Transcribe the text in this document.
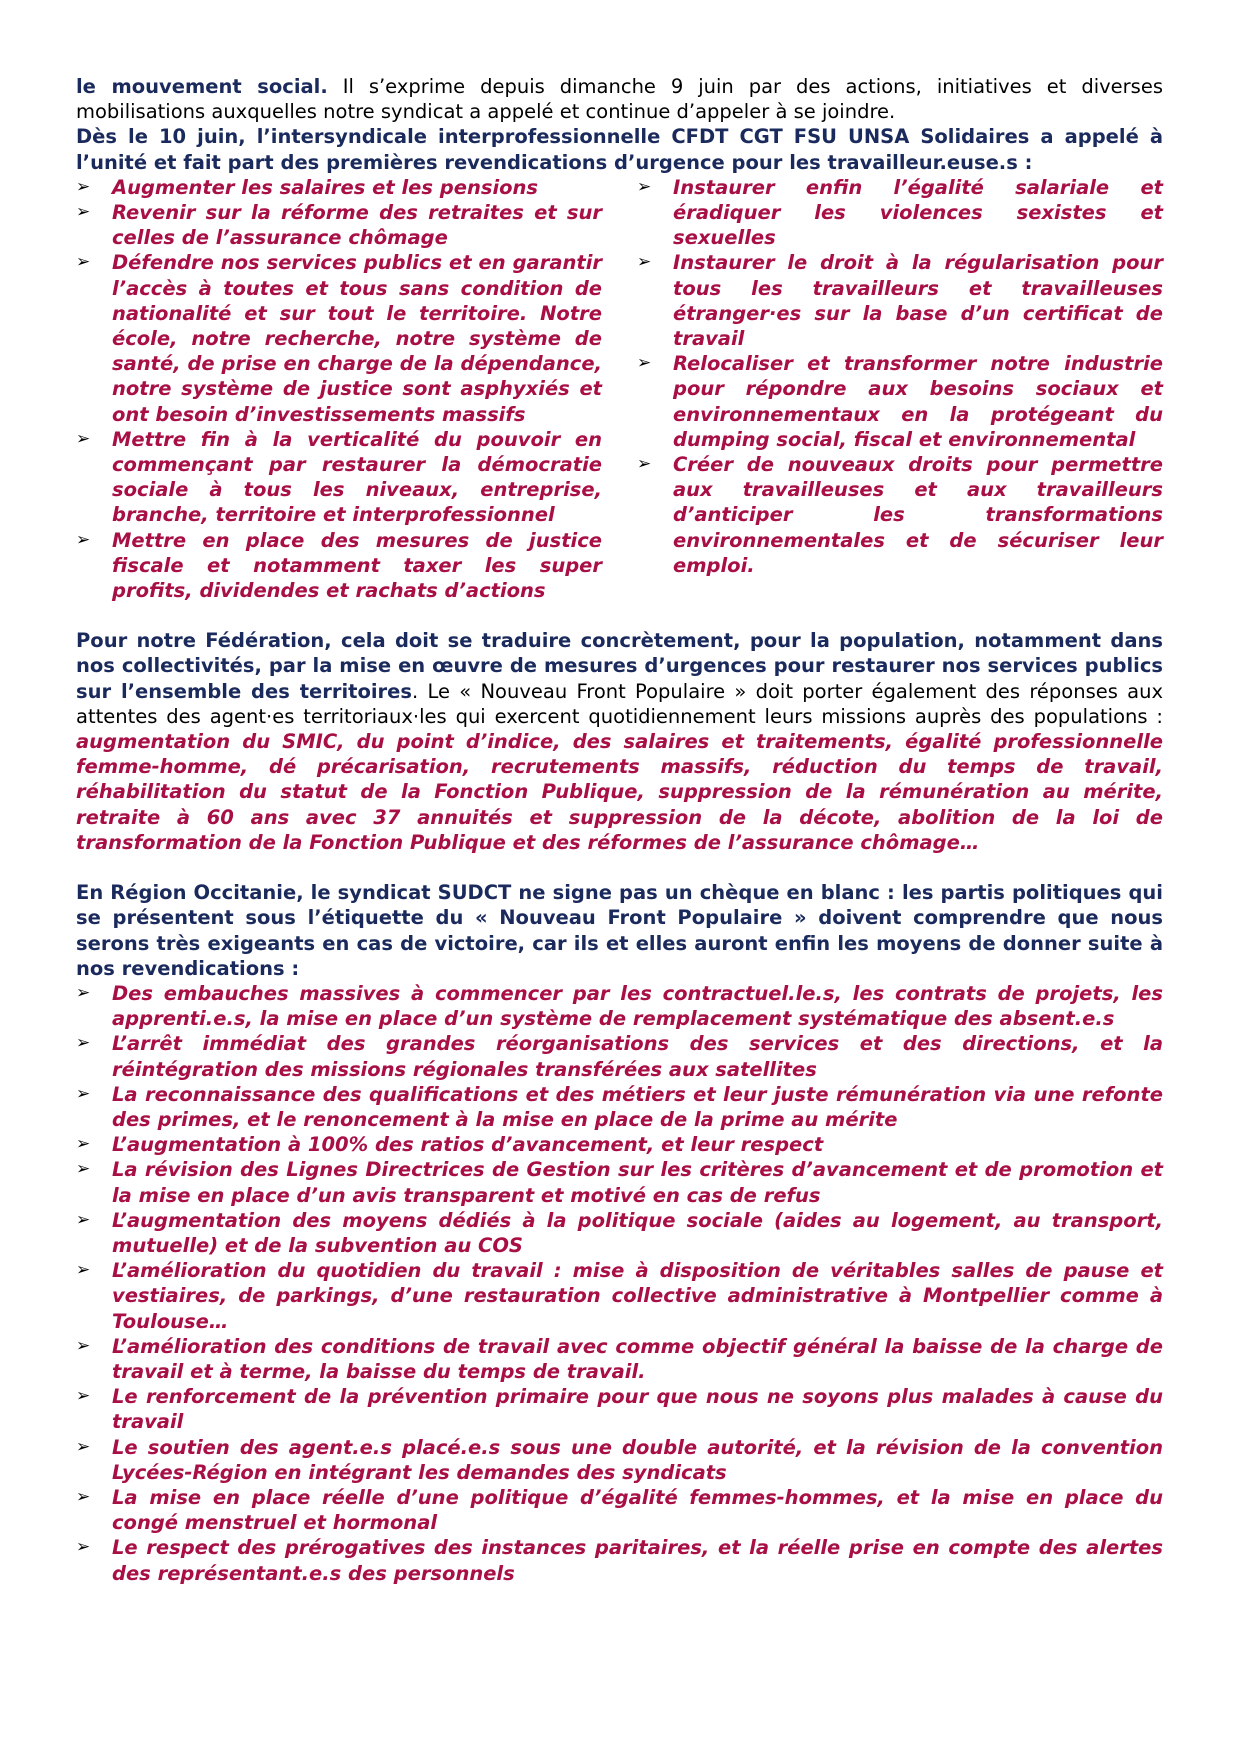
le mouvement social. Il s’exprime depuis dimanche 9 juin par des actions, initiatives et diverses mobilisations auxquelles notre syndicat a appelé et continue d’appeler à se joindre.

Dès le 10 juin, l’intersyndicale interprofessionnelle CFDT CGT FSU UNSA Solidaires a appelé à l’unité et fait part des premières revendications d’urgence pour les travailleur.euse.s :

➢ Augmenter les salaires et les pensions
➢ Revenir sur la réforme des retraites et sur celles de l’assurance chômage
➢ Défendre nos services publics et en garantir l’accès à toutes et tous sans condition de nationalité et sur tout le territoire. Notre école, notre recherche, notre système de santé, de prise en charge de la dépendance, notre système de justice sont asphyxiés et ont besoin d’investissements massifs
➢ Mettre fin à la verticalité du pouvoir en commençant par restaurer la démocratie sociale à tous les niveaux, entreprise, branche, territoire et interprofessionnel
➢ Mettre en place des mesures de justice fiscale et notamment taxer les super profits, dividendes et rachats d’actions
➢ Instaurer enfin l’égalité salariale et éradiquer les violences sexistes et sexuelles
➢ Instaurer le droit à la régularisation pour tous les travailleurs et travailleuses étranger·es sur la base d’un certificat de travail
➢ Relocaliser et transformer notre industrie pour répondre aux besoins sociaux et environnementaux en la protégeant du dumping social, fiscal et environnemental
➢ Créer de nouveaux droits pour permettre aux travailleuses et aux travailleurs d’anticiper les transformations environnementales et de sécuriser leur emploi.

Pour notre Fédération, cela doit se traduire concrètement, pour la population, notamment dans nos collectivités, par la mise en œuvre de mesures d’urgences pour restaurer nos services publics sur l’ensemble des territoires. Le « Nouveau Front Populaire » doit porter également des réponses aux attentes des agent·es territoriaux·les qui exercent quotidiennement leurs missions auprès des populations : augmentation du SMIC, du point d’indice, des salaires et traitements, égalité professionnelle femme-homme, dé précarisation, recrutements massifs, réduction du temps de travail, réhabilitation du statut de la Fonction Publique, suppression de la rémunération au mérite, retraite à 60 ans avec 37 annuités et suppression de la décote, abolition de la loi de transformation de la Fonction Publique et des réformes de l’assurance chômage…

En Région Occitanie, le syndicat SUDCT ne signe pas un chèque en blanc : les partis politiques qui se présentent sous l’étiquette du « Nouveau Front Populaire » doivent comprendre que nous serons très exigeants en cas de victoire, car ils et elles auront enfin les moyens de donner suite à nos revendications :

➢ Des embauches massives à commencer par les contractuel.le.s, les contrats de projets, les apprenti.e.s, la mise en place d’un système de remplacement systématique des absent.e.s
➢ L’arrêt immédiat des grandes réorganisations des services et des directions, et la réintégration des missions régionales transférées aux satellites
➢ La reconnaissance des qualifications et des métiers et leur juste rémunération via une refonte des primes, et le renoncement à la mise en place de la prime au mérite
➢ L’augmentation à 100% des ratios d’avancement, et leur respect
➢ La révision des Lignes Directrices de Gestion sur les critères d’avancement et de promotion et la mise en place d’un avis transparent et motivé en cas de refus
➢ L’augmentation des moyens dédiés à la politique sociale (aides au logement, au transport, mutuelle) et de la subvention au COS
➢ L’amélioration du quotidien du travail : mise à disposition de véritables salles de pause et vestiaires, de parkings, d’une restauration collective administrative à Montpellier comme à Toulouse…
➢ L’amélioration des conditions de travail avec comme objectif général la baisse de la charge de travail et à terme, la baisse du temps de travail.
➢ Le renforcement de la prévention primaire pour que nous ne soyons plus malades à cause du travail
➢ Le soutien des agent.e.s placé.e.s sous une double autorité, et la révision de la convention Lycées-Région en intégrant les demandes des syndicats
➢ La mise en place réelle d’une politique d’égalité femmes-hommes, et la mise en place du congé menstruel et hormonal
➢ Le respect des prérogatives des instances paritaires, et la réelle prise en compte des alertes des représentant.e.s des personnels
